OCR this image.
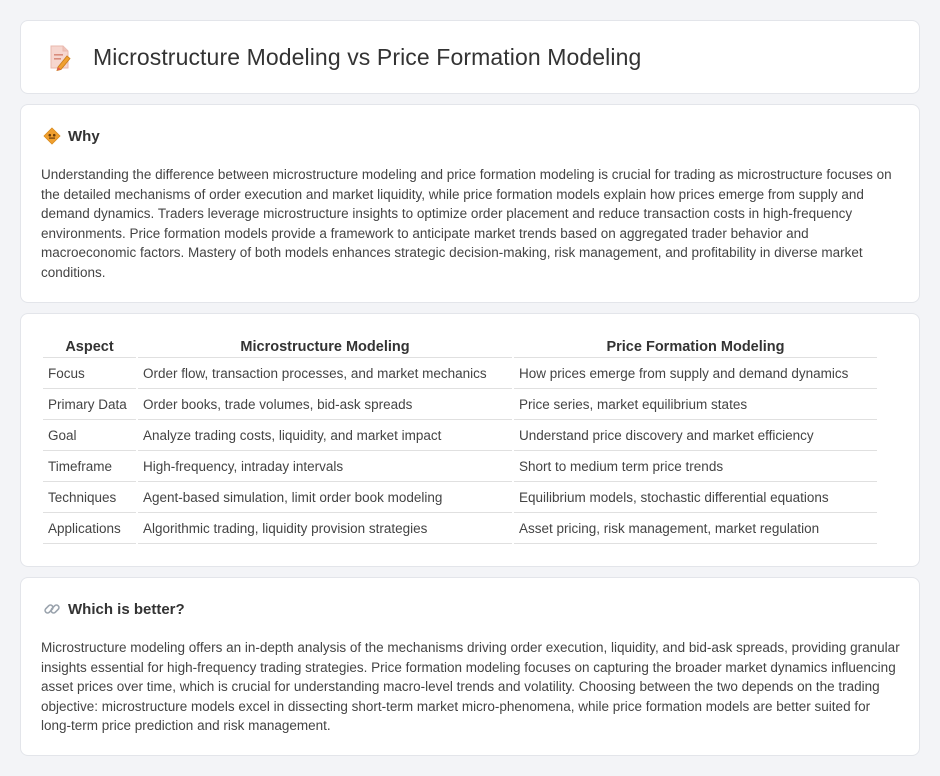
Microstructure Modeling vs Price Formation Modeling
Why

Understanding the difference between microstructure modeling and price formation modeling is crucial for trading as microstructure focuses on the detailed mechanisms of order execution and market liquidity, while price formation models explain how prices emerge from supply and demand dynamics. Traders leverage microstructure insights to optimize order placement and reduce transaction costs in high-frequency environments. Price formation models provide a framework to anticipate market trends based on aggregated trader behavior and macroeconomic factors. Mastery of both models enhances strategic decision-making, risk management, and profitability in diverse market conditions.

Aspect	Microstructure Modeling	Price Formation Modeling
Focus	Order flow, transaction processes, and market mechanics	How prices emerge from supply and demand dynamics
Primary Data	Order books, trade volumes, bid-ask spreads	Price series, market equilibrium states
Goal	Analyze trading costs, liquidity, and market impact	Understand price discovery and market efficiency
Timeframe	High-frequency, intraday intervals	Short to medium term price trends
Techniques	Agent-based simulation, limit order book modeling	Equilibrium models, stochastic differential equations
Applications	Algorithmic trading, liquidity provision strategies	Asset pricing, risk management, market regulation
Which is better?

Microstructure modeling offers an in-depth analysis of the mechanisms driving order execution, liquidity, and bid-ask spreads, providing granular insights essential for high-frequency trading strategies. Price formation modeling focuses on capturing the broader market dynamics influencing asset prices over time, which is crucial for understanding macro-level trends and volatility. Choosing between the two depends on the trading objective: microstructure models excel in dissecting short-term market micro-phenomena, while price formation models are better suited for long-term price prediction and risk management.
